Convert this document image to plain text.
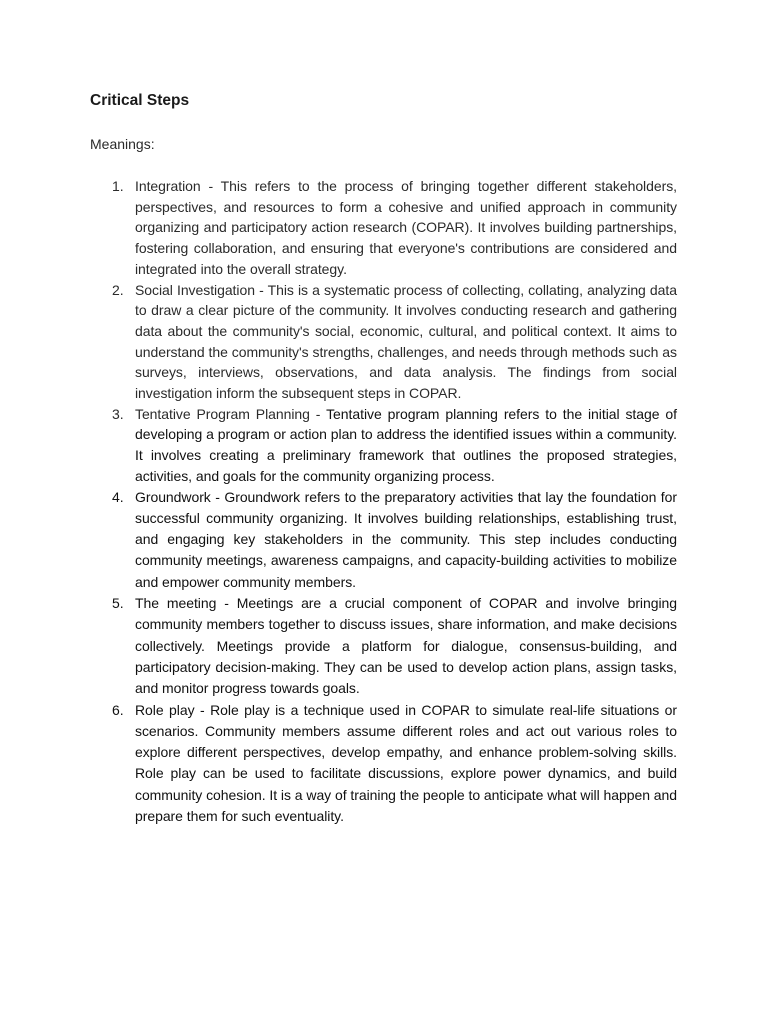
Critical Steps

Meanings:

1. Integration - This refers to the process of bringing together different stakeholders, perspectives, and resources to form a cohesive and unified approach in community organizing and participatory action research (COPAR). It involves building partnerships, fostering collaboration, and ensuring that everyone's contributions are considered and integrated into the overall strategy.
2. Social Investigation - This is a systematic process of collecting, collating, analyzing data to draw a clear picture of the community. It involves conducting research and gathering data about the community's social, economic, cultural, and political context. It aims to understand the community's strengths, challenges, and needs through methods such as surveys, interviews, observations, and data analysis. The findings from social investigation inform the subsequent steps in COPAR.
3. Tentative Program Planning - Tentative program planning refers to the initial stage of developing a program or action plan to address the identified issues within a community. It involves creating a preliminary framework that outlines the proposed strategies, activities, and goals for the community organizing process.
4. Groundwork - Groundwork refers to the preparatory activities that lay the foundation for successful community organizing. It involves building relationships, establishing trust, and engaging key stakeholders in the community. This step includes conducting community meetings, awareness campaigns, and capacity-building activities to mobilize and empower community members.
5. The meeting - Meetings are a crucial component of COPAR and involve bringing community members together to discuss issues, share information, and make decisions collectively. Meetings provide a platform for dialogue, consensus-building, and participatory decision-making. They can be used to develop action plans, assign tasks, and monitor progress towards goals.
6. Role play - Role play is a technique used in COPAR to simulate real-life situations or scenarios. Community members assume different roles and act out various roles to explore different perspectives, develop empathy, and enhance problem-solving skills. Role play can be used to facilitate discussions, explore power dynamics, and build community cohesion. It is a way of training the people to anticipate what will happen and prepare them for such eventuality.
